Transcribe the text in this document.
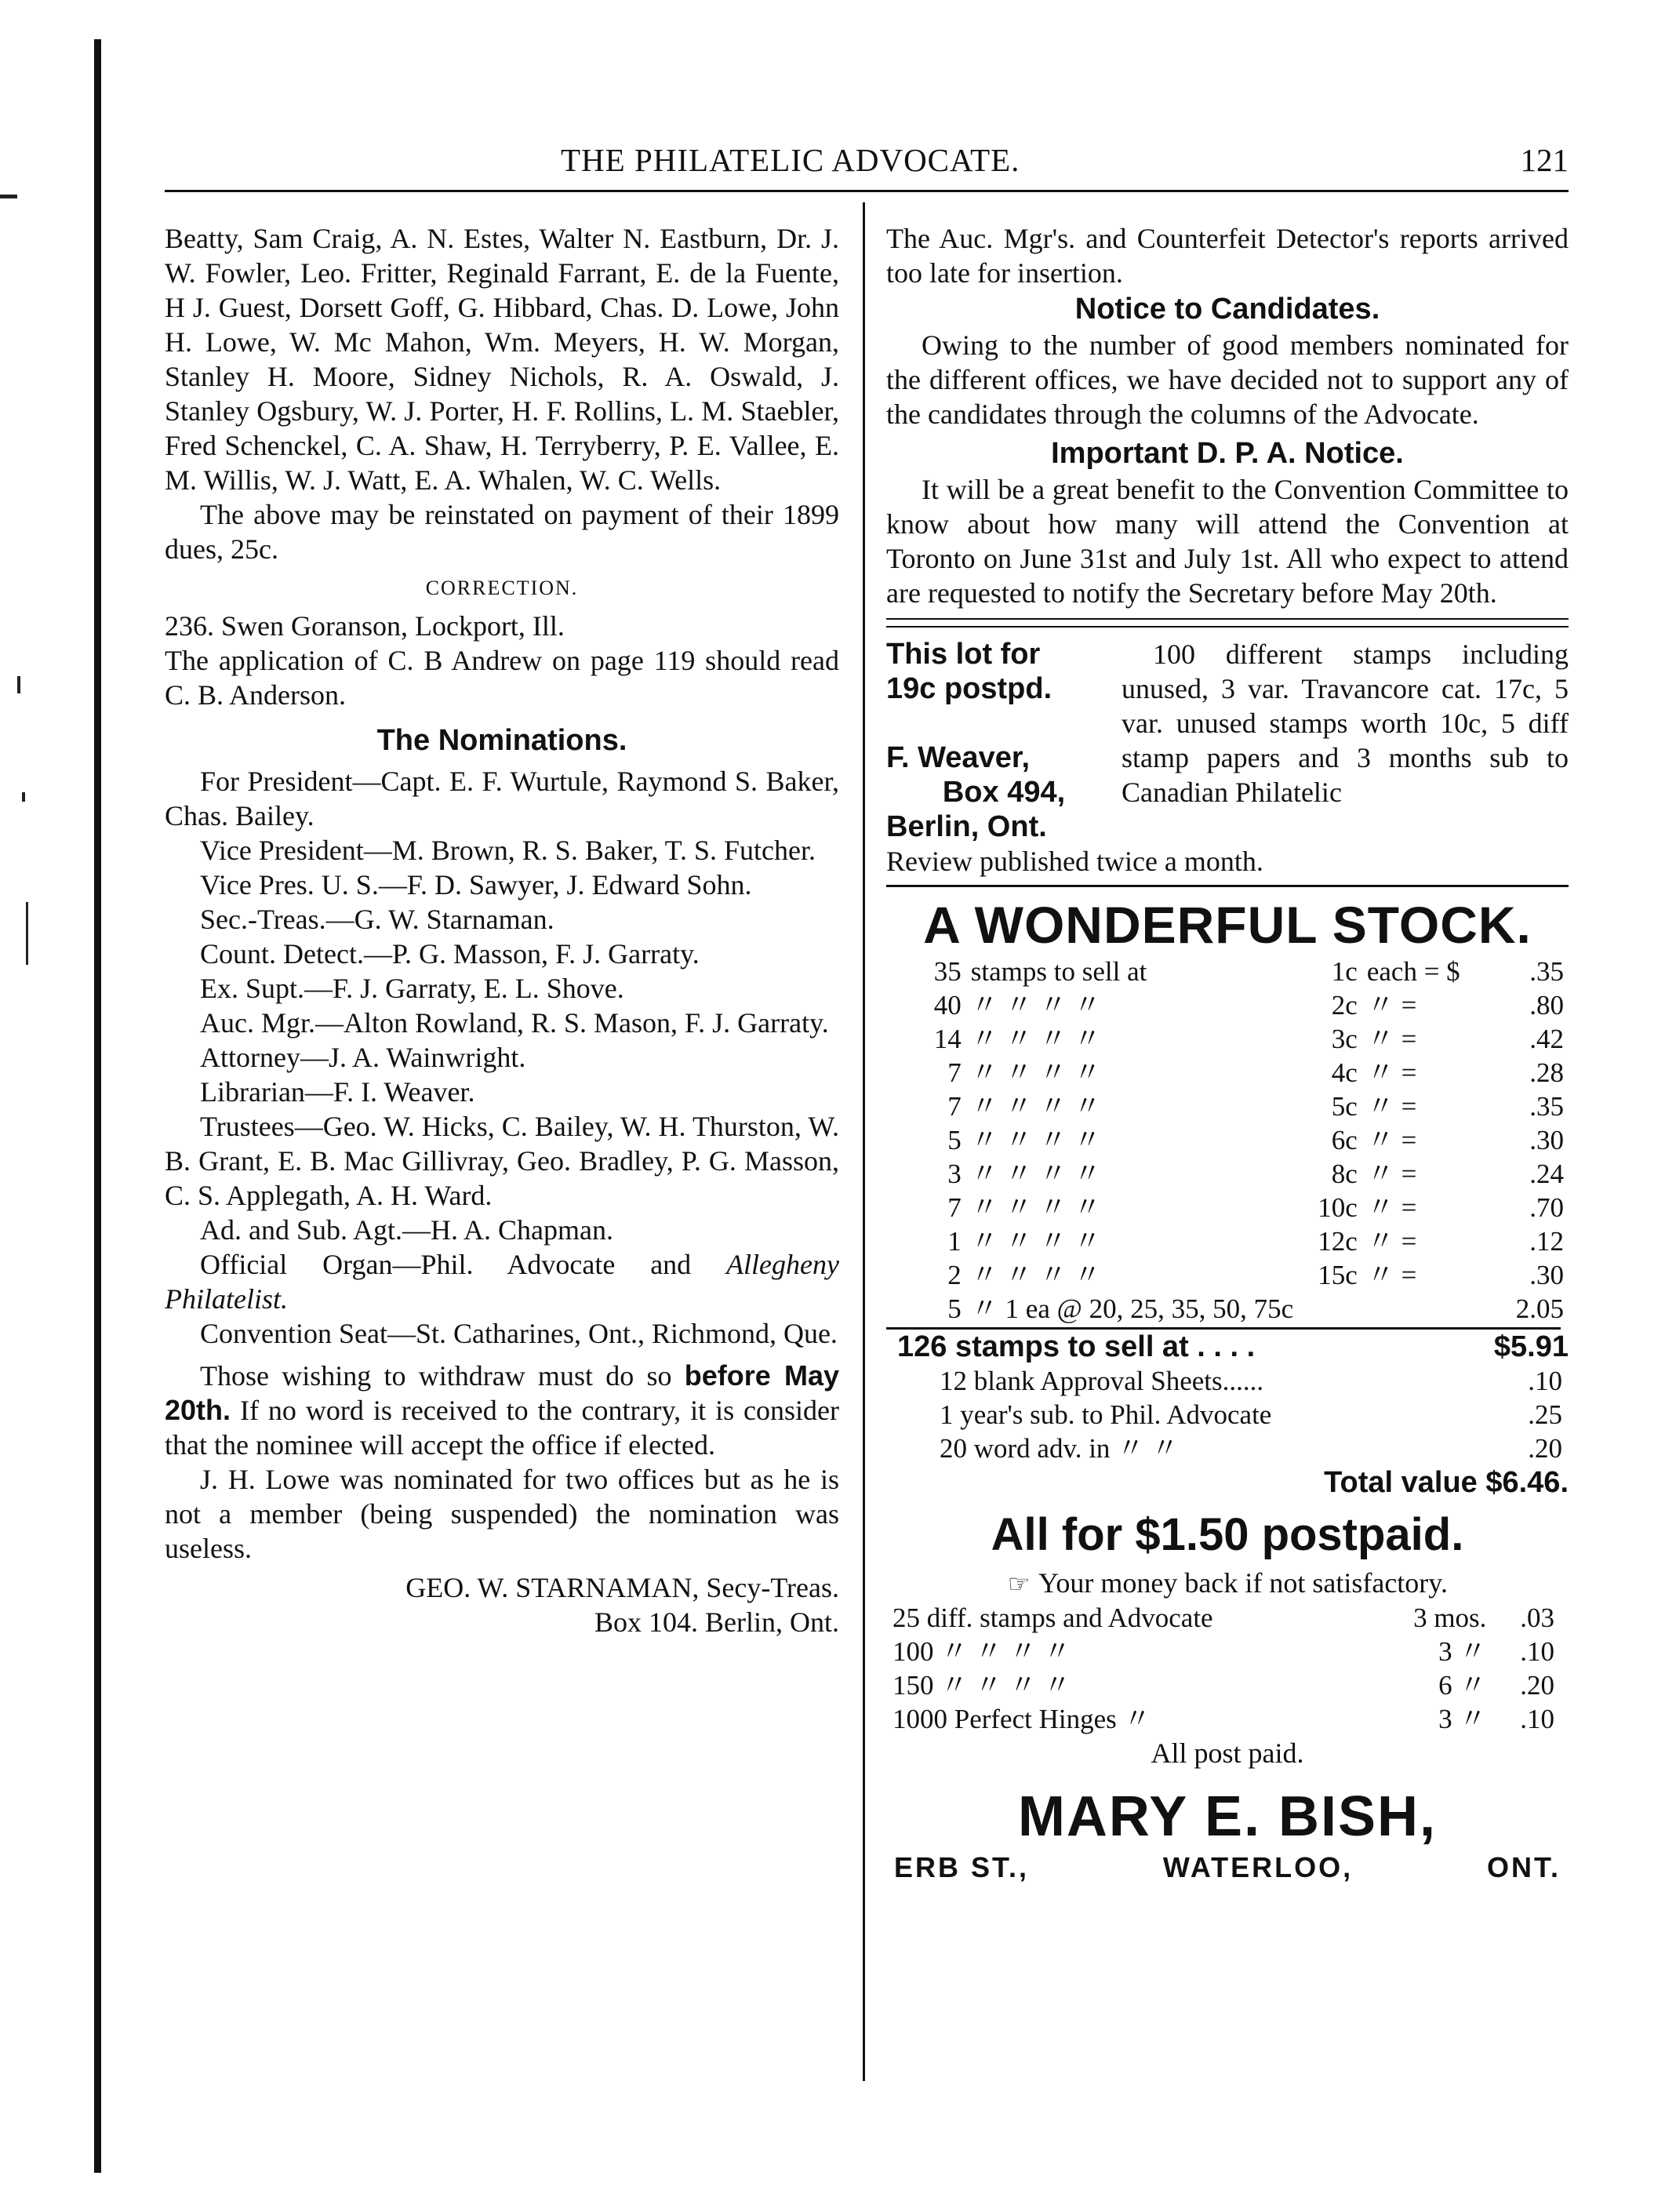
THE PHILATELIC ADVOCATE.	121

Beatty, Sam Craig, A. N. Estes, Walter N. Eastburn, Dr. J. W. Fowler, Leo. Fritter, Reginald Farrant, E. de la Fuente, H J. Guest, Dorsett Goff, G. Hibbard, Chas. D. Lowe, John H. Lowe, W. Mc Mahon, Wm. Meyers, H. W. Morgan, Stanley H. Moore, Sidney Nichols, R. A. Oswald, J. Stanley Ogsbury, W. J. Porter, H. F. Rollins, L. M. Staebler, Fred Schenckel, C. A. Shaw, H. Terryberry, P. E. Vallee, E. M. Willis, W. J. Watt, E. A. Whalen, W. C. Wells.

The above may be reinstated on payment of their 1899 dues, 25c.

CORRECTION.

236. Swen Goranson, Lockport, Ill.

The application of C. B Andrew on page 119 should read C. B. Anderson.

The Nominations.

For President—Capt. E. F. Wurtule, Raymond S. Baker, Chas. Bailey.

Vice President—M. Brown, R. S. Baker, T. S. Futcher.

Vice Pres. U. S.—F. D. Sawyer, J. Edward Sohn.

Sec.-Treas.—G. W. Starnaman.

Count. Detect.—P. G. Masson, F. J. Garraty.

Ex. Supt.—F. J. Garraty, E. L. Shove.

Auc. Mgr.—Alton Rowland, R. S. Mason, F. J. Garraty.

Attorney—J. A. Wainwright.

Librarian—F. I. Weaver.

Trustees—Geo. W. Hicks, C. Bailey, W. H. Thurston, W. B. Grant, E. B. Mac Gillivray, Geo. Bradley, P. G. Masson, C. S. Applegath, A. H. Ward.

Ad. and Sub. Agt.—H. A. Chapman.

Official Organ—Phil. Advocate and Allegheny Philatelist.

Convention Seat—St. Catharines, Ont., Richmond, Que.

Those wishing to withdraw must do so before May 20th. If no word is received to the contrary, it is consider that the nominee will accept the office if elected.

J. H. Lowe was nominated for two offices but as he is not a member (being suspended) the nomination was useless.

GEO. W. STARNAMAN, Secy-Treas.

Box 104. Berlin, Ont.

The Auc. Mgr's. and Counterfeit Detector's reports arrived too late for insertion.

Notice to Candidates.

Owing to the number of good members nominated for the different offices, we have decided not to support any of the candidates through the columns of the Advocate.

Important D. P. A. Notice.

It will be a great benefit to the Convention Committee to know about how many will attend the Convention at Toronto on June 31st and July 1st. All who expect to attend are requested to notify the Secretary before May 20th.

This lot for
19c postpd.
F. Weaver,
Box 494,
Berlin, Ont.
100 different stamps including unused, 3 var. Travancore cat. 17c, 5 var. unused stamps worth 10c, 5 diff stamp papers and 3 months sub to Canadian Philatelic

Review published twice a month.

A WONDERFUL STOCK.
35	stamps to sell at	1c	each = $	.35
40	〃 〃 〃 〃	2c	〃 =	.80
14	〃 〃 〃 〃	3c	〃 =	.42
7	〃 〃 〃 〃	4c	〃 =	.28
7	〃 〃 〃 〃	5c	〃 =	.35
5	〃 〃 〃 〃	6c	〃 =	.30
3	〃 〃 〃 〃	8c	〃 =	.24
7	〃 〃 〃 〃	10c	〃 =	.70
1	〃 〃 〃 〃	12c	〃 =	.12
2	〃 〃 〃 〃	15c	〃 =	.30
5	〃 1 ea @ 20, 25, 35, 50, 75c			2.05
126 stamps to sell at . . . .	$5.91
12 blank Approval Sheets......	.10
1 year's sub. to Phil. Advocate	.25
20 word adv. in 〃 〃	.20
Total value $6.46.
All for $1.50 postpaid.
☞ Your money back if not satisfactory.
25 diff. stamps and Advocate	3 mos.	.03
100 〃 〃 〃 〃	3 〃	.10
150 〃 〃 〃 〃	6 〃	.20
1000 Perfect Hinges 〃	3 〃	.10
All post paid.
MARY E. BISH,
ERB ST.,	WATERLOO,	ONT.
